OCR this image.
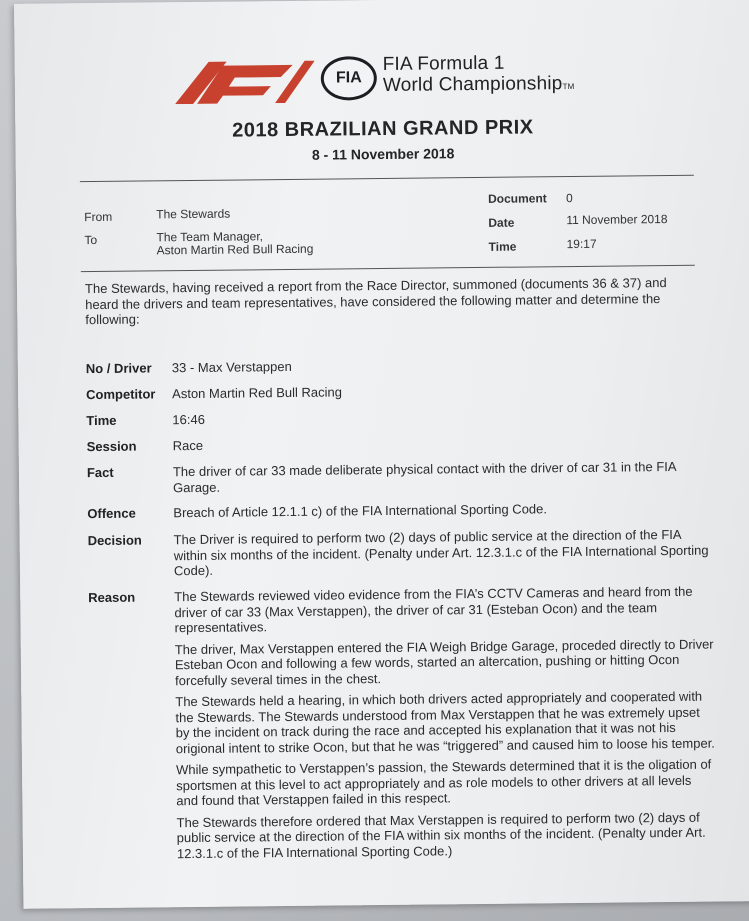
FIA
FIA Formula 1
World ChampionshipTM
2018 BRAZILIAN GRAND PRIX
8 - 11 November 2018
From	The Stewards
To	The Team Manager,
Aston Martin Red Bull Racing
Document 0
Date	11 November 2018
Time	19:17
The Stewards, having received a report from the Race Director, summoned (documents 36 & 37) and heard the drivers and team representatives, have considered the following matter and determine the following:
No / Driver	33 - Max Verstappen
Competitor	Aston Martin Red Bull Racing
Time	16:46
Session	Race
Fact	The driver of car 33 made deliberate physical contact with the driver of car 31 in the FIA Garage.
Offence	Breach of Article 12.1.1 c) of the FIA International Sporting Code.
Decision	The Driver is required to perform two (2) days of public service at the direction of the FIA within six months of the incident. (Penalty under Art. 12.3.1.c of the FIA International Sporting Code).
Reason	The Stewards reviewed video evidence from the FIA’s CCTV Cameras and heard from the driver of car 33 (Max Verstappen), the driver of car 31 (Esteban Ocon) and the team representatives.

The driver, Max Verstappen entered the FIA Weigh Bridge Garage, proceded directly to Driver Esteban Ocon and following a few words, started an altercation, pushing or hitting Ocon forcefully several times in the chest.

The Stewards held a hearing, in which both drivers acted appropriately and cooperated with the Stewards. The Stewards understood from Max Verstappen that he was extremely upset by the incident on track during the race and accepted his explanation that it was not his origional intent to strike Ocon, but that he was “triggered” and caused him to loose his temper.

While sympathetic to Verstappen’s passion, the Stewards determined that it is the oligation of sportsmen at this level to act appropriately and as role models to other drivers at all levels and found that Verstappen failed in this respect.

The Stewards therefore ordered that Max Verstappen is required to perform two (2) days of public service at the direction of the FIA within six months of the incident. (Penalty under Art. 12.3.1.c of the FIA International Sporting Code.)
